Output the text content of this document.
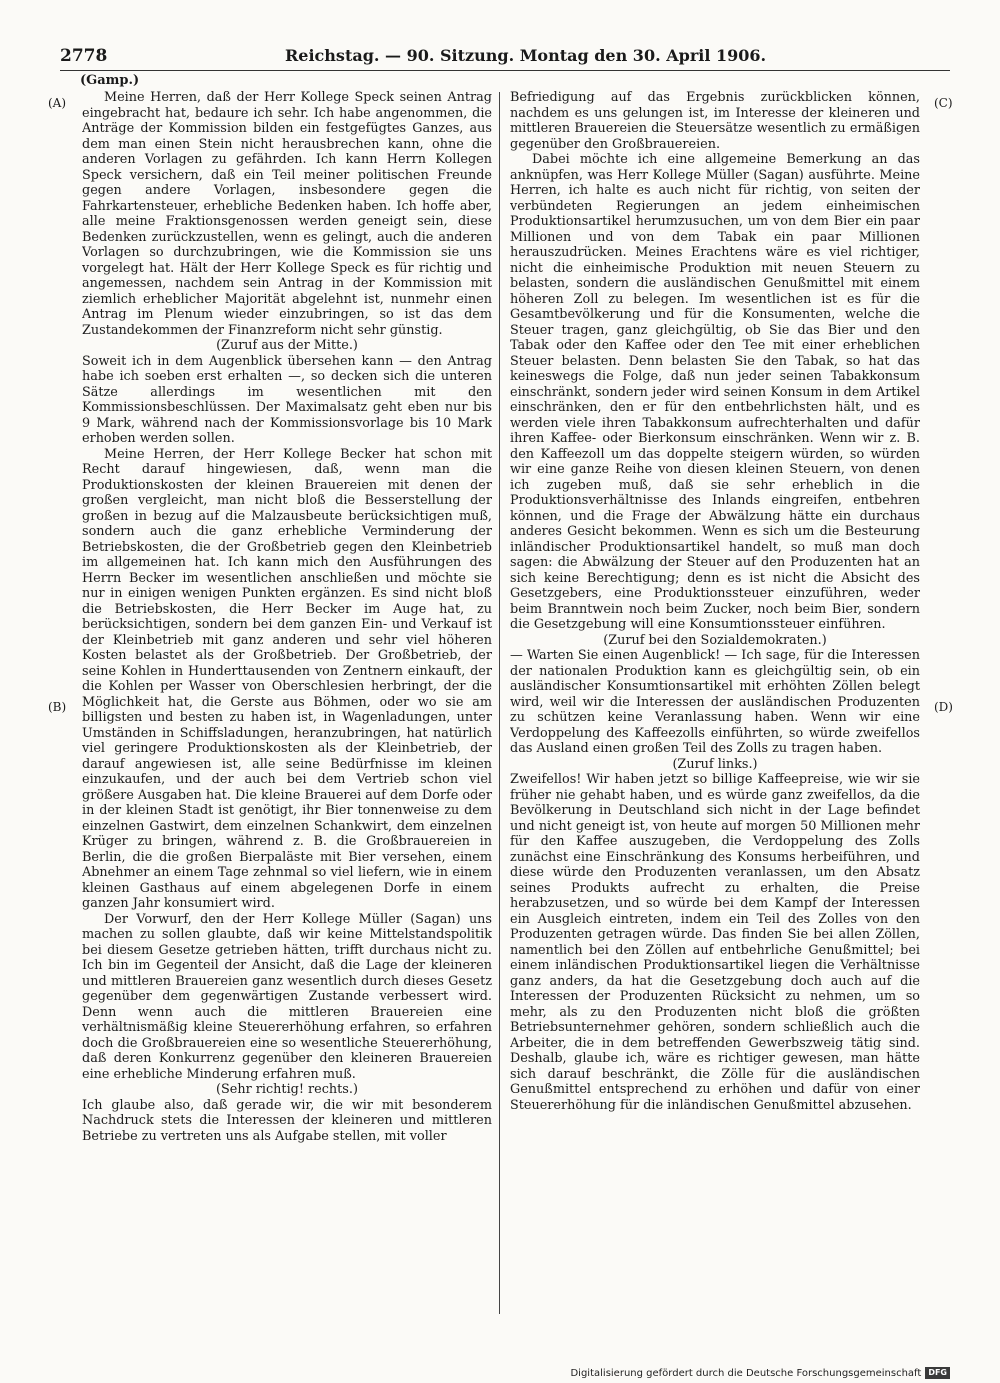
2778	Reichstag. — 90. Sitzung. Montag den 30. April 1906.
(Gamp.)
(A)
(B)
(C)
(D)

Meine Herren, daß der Herr Kollege Speck seinen Antrag eingebracht hat, bedaure ich sehr. Ich habe angenommen, die Anträge der Kommission bilden ein festgefügtes Ganzes, aus dem man einen Stein nicht herausbrechen kann, ohne die anderen Vorlagen zu gefährden. Ich kann Herrn Kollegen Speck versichern, daß ein Teil meiner politischen Freunde gegen andere Vorlagen, insbesondere gegen die Fahrkartensteuer, erhebliche Bedenken haben. Ich hoffe aber, alle meine Fraktionsgenossen werden geneigt sein, diese Bedenken zurückzustellen, wenn es gelingt, auch die anderen Vorlagen so durchzubringen, wie die Kommission sie uns vorgelegt hat. Hält der Herr Kollege Speck es für richtig und angemessen, nachdem sein Antrag in der Kommission mit ziemlich erheblicher Majorität abgelehnt ist, nunmehr einen Antrag im Plenum wieder einzubringen, so ist das dem Zustandekommen der Finanzreform nicht sehr günstig.

(Zuruf aus der Mitte.)

Soweit ich in dem Augenblick übersehen kann — den Antrag habe ich soeben erst erhalten —, so decken sich die unteren Sätze allerdings im wesentlichen mit den Kommissionsbeschlüssen. Der Maximalsatz geht eben nur bis 9 Mark, während nach der Kommissionsvorlage bis 10 Mark erhoben werden sollen.

Meine Herren, der Herr Kollege Becker hat schon mit Recht darauf hingewiesen, daß, wenn man die Produktionskosten der kleinen Brauereien mit denen der großen vergleicht, man nicht bloß die Besserstellung der großen in bezug auf die Malzausbeute berücksichtigen muß, sondern auch die ganz erhebliche Verminderung der Betriebskosten, die der Großbetrieb gegen den Kleinbetrieb im allgemeinen hat. Ich kann mich den Ausführungen des Herrn Becker im wesentlichen anschließen und möchte sie nur in einigen wenigen Punkten ergänzen. Es sind nicht bloß die Betriebskosten, die Herr Becker im Auge hat, zu berücksichtigen, sondern bei dem ganzen Ein- und Verkauf ist der Kleinbetrieb mit ganz anderen und sehr viel höheren Kosten belastet als der Großbetrieb. Der Großbetrieb, der seine Kohlen in Hunderttausenden von Zentnern einkauft, der die Kohlen per Wasser von Oberschlesien herbringt, der die Möglichkeit hat, die Gerste aus Böhmen, oder wo sie am billigsten und besten zu haben ist, in Wagenladungen, unter Umständen in Schiffsladungen, heranzubringen, hat natürlich viel geringere Produktionskosten als der Kleinbetrieb, der darauf angewiesen ist, alle seine Bedürfnisse im kleinen einzukaufen, und der auch bei dem Vertrieb schon viel größere Ausgaben hat. Die kleine Brauerei auf dem Dorfe oder in der kleinen Stadt ist genötigt, ihr Bier tonnenweise zu dem einzelnen Gastwirt, dem einzelnen Schankwirt, dem einzelnen Krüger zu bringen, während z. B. die Großbrauereien in Berlin, die die großen Bierpaläste mit Bier versehen, einem Abnehmer an einem Tage zehnmal so viel liefern, wie in einem kleinen Gasthaus auf einem abgelegenen Dorfe in einem ganzen Jahr konsumiert wird.

Der Vorwurf, den der Herr Kollege Müller (Sagan) uns machen zu sollen glaubte, daß wir keine Mittelstandspolitik bei diesem Gesetze getrieben hätten, trifft durchaus nicht zu. Ich bin im Gegenteil der Ansicht, daß die Lage der kleineren und mittleren Brauereien ganz wesentlich durch dieses Gesetz gegenüber dem gegenwärtigen Zustande verbessert wird. Denn wenn auch die mittleren Brauereien eine verhältnismäßig kleine Steuererhöhung erfahren, so erfahren doch die Großbrauereien eine so wesentliche Steuererhöhung, daß deren Konkurrenz gegenüber den kleineren Brauereien eine erhebliche Minderung erfahren muß.

(Sehr richtig! rechts.)

Ich glaube also, daß gerade wir, die wir mit besonderem Nachdruck stets die Interessen der kleineren und mittleren Betriebe zu vertreten uns als Aufgabe stellen, mit voller

Befriedigung auf das Ergebnis zurückblicken können, nachdem es uns gelungen ist, im Interesse der kleineren und mittleren Brauereien die Steuersätze wesentlich zu ermäßigen gegenüber den Großbrauereien.

Dabei möchte ich eine allgemeine Bemerkung an das anknüpfen, was Herr Kollege Müller (Sagan) ausführte. Meine Herren, ich halte es auch nicht für richtig, von seiten der verbündeten Regierungen an jedem einheimischen Produktionsartikel herumzusuchen, um von dem Bier ein paar Millionen und von dem Tabak ein paar Millionen herauszudrücken. Meines Erachtens wäre es viel richtiger, nicht die einheimische Produktion mit neuen Steuern zu belasten, sondern die ausländischen Genußmittel mit einem höheren Zoll zu belegen. Im wesentlichen ist es für die Gesamtbevölkerung und für die Konsumenten, welche die Steuer tragen, ganz gleichgültig, ob Sie das Bier und den Tabak oder den Kaffee oder den Tee mit einer erheblichen Steuer belasten. Denn belasten Sie den Tabak, so hat das keineswegs die Folge, daß nun jeder seinen Tabakkonsum einschränkt, sondern jeder wird seinen Konsum in dem Artikel einschränken, den er für den entbehrlichsten hält, und es werden viele ihren Tabakkonsum aufrechterhalten und dafür ihren Kaffee- oder Bierkonsum einschränken. Wenn wir z. B. den Kaffeezoll um das doppelte steigern würden, so würden wir eine ganze Reihe von diesen kleinen Steuern, von denen ich zugeben muß, daß sie sehr erheblich in die Produktionsverhältnisse des Inlands eingreifen, entbehren können, und die Frage der Abwälzung hätte ein durchaus anderes Gesicht bekommen. Wenn es sich um die Besteurung inländischer Produktionsartikel handelt, so muß man doch sagen: die Abwälzung der Steuer auf den Produzenten hat an sich keine Berechtigung; denn es ist nicht die Absicht des Gesetzgebers, eine Produktionssteuer einzuführen, weder beim Branntwein noch beim Zucker, noch beim Bier, sondern die Gesetzgebung will eine Konsumtionssteuer einführen.

(Zuruf bei den Sozialdemokraten.)

— Warten Sie einen Augenblick! — Ich sage, für die Interessen der nationalen Produktion kann es gleichgültig sein, ob ein ausländischer Konsumtionsartikel mit erhöhten Zöllen belegt wird, weil wir die Interessen der ausländischen Produzenten zu schützen keine Veranlassung haben. Wenn wir eine Verdoppelung des Kaffeezolls einführten, so würde zweifellos das Ausland einen großen Teil des Zolls zu tragen haben.

(Zuruf links.)

Zweifellos! Wir haben jetzt so billige Kaffeepreise, wie wir sie früher nie gehabt haben, und es würde ganz zweifellos, da die Bevölkerung in Deutschland sich nicht in der Lage befindet und nicht geneigt ist, von heute auf morgen 50 Millionen mehr für den Kaffee auszugeben, die Verdoppelung des Zolls zunächst eine Einschränkung des Konsums herbeiführen, und diese würde den Produzenten veranlassen, um den Absatz seines Produkts aufrecht zu erhalten, die Preise herabzusetzen, und so würde bei dem Kampf der Interessen ein Ausgleich eintreten, indem ein Teil des Zolles von den Produzenten getragen würde. Das finden Sie bei allen Zöllen, namentlich bei den Zöllen auf entbehrliche Genußmittel; bei einem inländischen Produktionsartikel liegen die Verhältnisse ganz anders, da hat die Gesetzgebung doch auch auf die Interessen der Produzenten Rücksicht zu nehmen, um so mehr, als zu den Produzenten nicht bloß die größten Betriebsunternehmer gehören, sondern schließlich auch die Arbeiter, die in dem betreffenden Gewerbszweig tätig sind. Deshalb, glaube ich, wäre es richtiger gewesen, man hätte sich darauf beschränkt, die Zölle für die ausländischen Genußmittel entsprechend zu erhöhen und dafür von einer Steuererhöhung für die inländischen Genußmittel abzusehen.

Digitalisierung gefördert durch die Deutsche Forschungsgemeinschaft DFG
